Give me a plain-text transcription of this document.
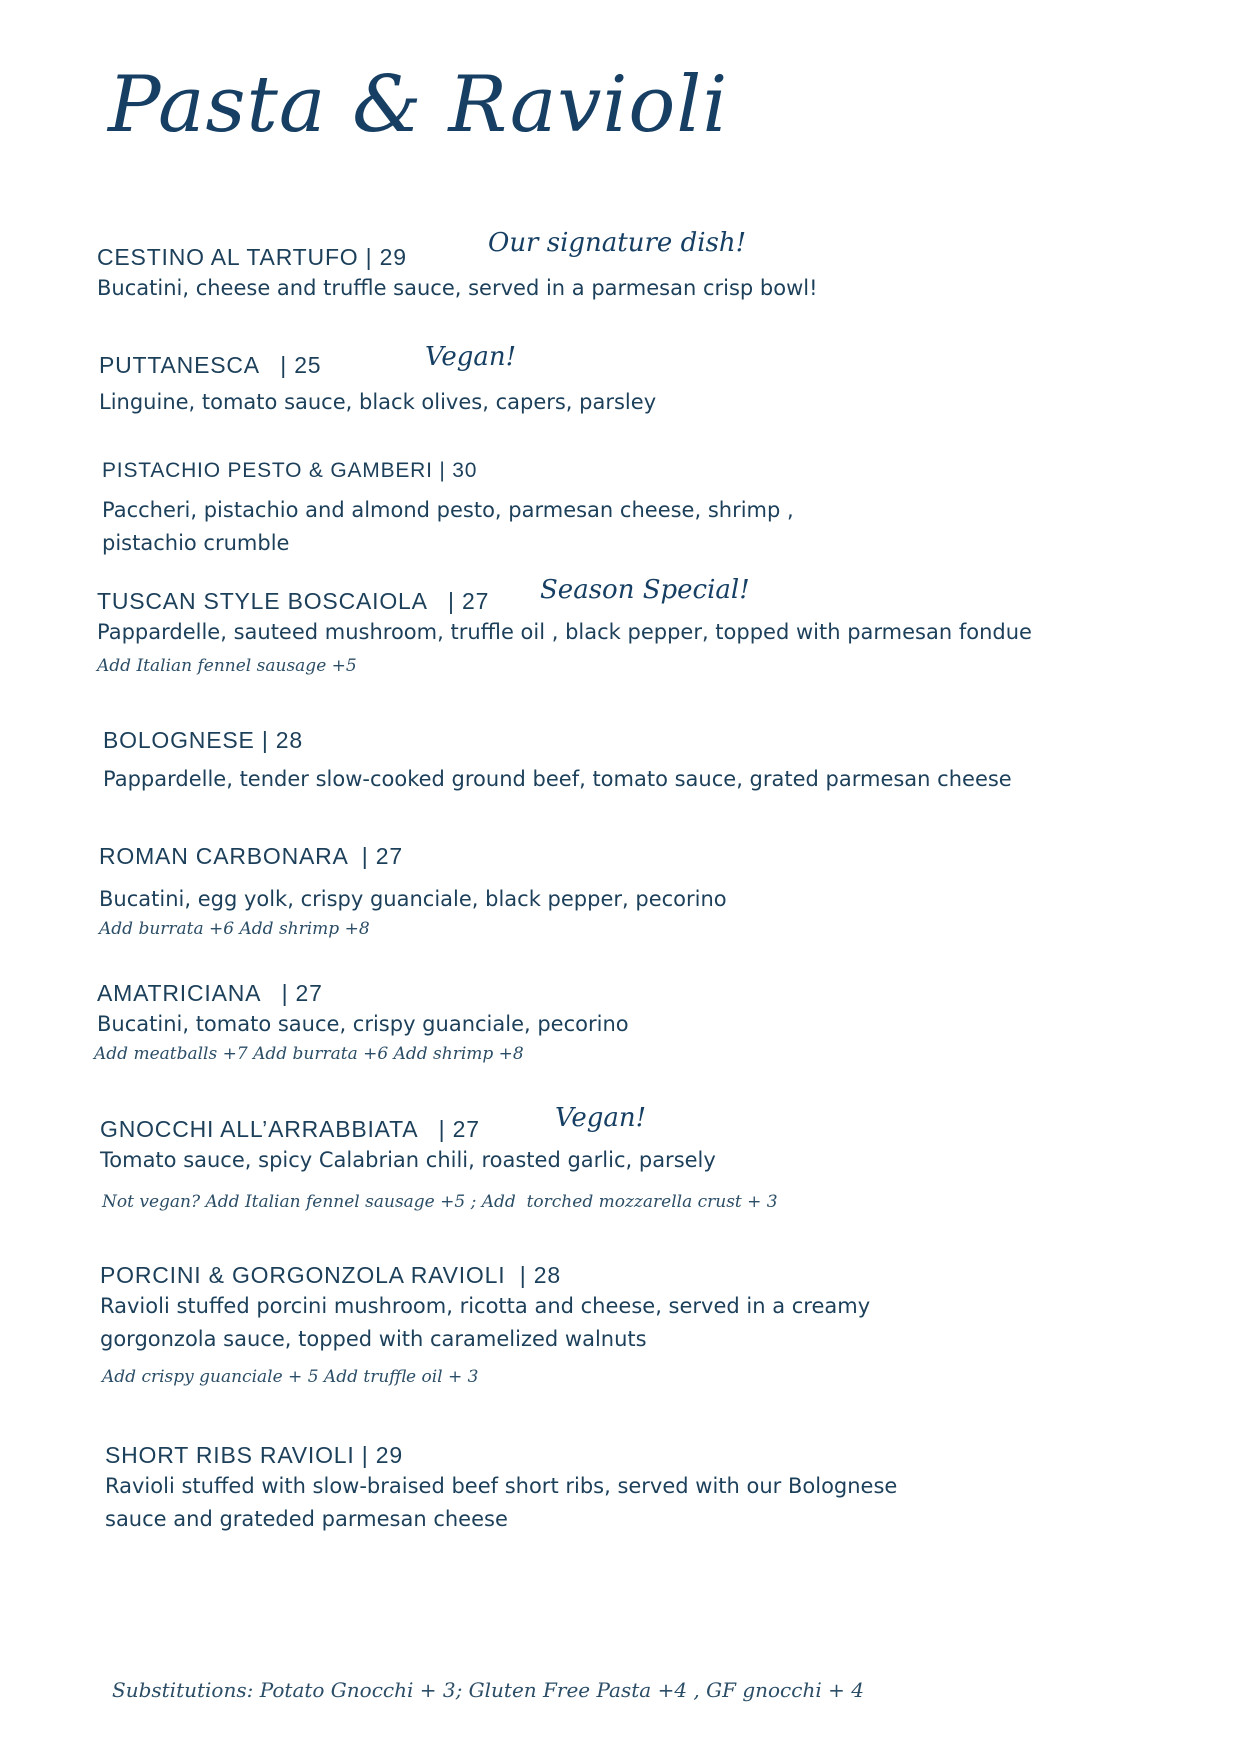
Pasta & Ravioli
CESTINO AL TARTUFO | 29
Bucatini, cheese and truffle sauce, served in a parmesan crisp bowl!
Our signature dish!
PUTTANESCA   | 25
Linguine, tomato sauce, black olives, capers, parsley
Vegan!
PISTACHIO PESTO & GAMBERI | 30
Paccheri, pistachio and almond pesto, parmesan cheese, shrimp , pistachio crumble
TUSCAN STYLE BOSCAIOLA   | 27
Pappardelle, sauteed mushroom, truffle oil , black pepper, topped with parmesan fondue
Add Italian fennel sausage +5
Season Special!
BOLOGNESE | 28
Pappardelle, tender slow-cooked ground beef, tomato sauce, grated parmesan cheese
ROMAN CARBONARA  | 27
Bucatini, egg yolk, crispy guanciale, black pepper, pecorino
Add burrata +6 Add shrimp +8
AMATRICIANA   | 27
Bucatini, tomato sauce, crispy guanciale, pecorino
Add meatballs +7 Add burrata +6 Add shrimp +8
GNOCCHI ALL’ARRABBIATA   | 27
Tomato sauce, spicy Calabrian chili, roasted garlic, parsely
Not vegan? Add Italian fennel sausage +5 ; Add  torched mozzarella crust + 3
Vegan!
PORCINI & GORGONZOLA RAVIOLI  | 28
Ravioli stuffed porcini mushroom, ricotta and cheese, served in a creamy  gorgonzola sauce, topped with caramelized walnuts
Add crispy guanciale + 5 Add truffle oil + 3
SHORT RIBS RAVIOLI | 29
Ravioli stuffed with slow-braised beef short ribs, served with our Bolognese sauce and grateded parmesan cheese
Substitutions: Potato Gnocchi + 3; Gluten Free Pasta +4 , GF gnocchi + 4
